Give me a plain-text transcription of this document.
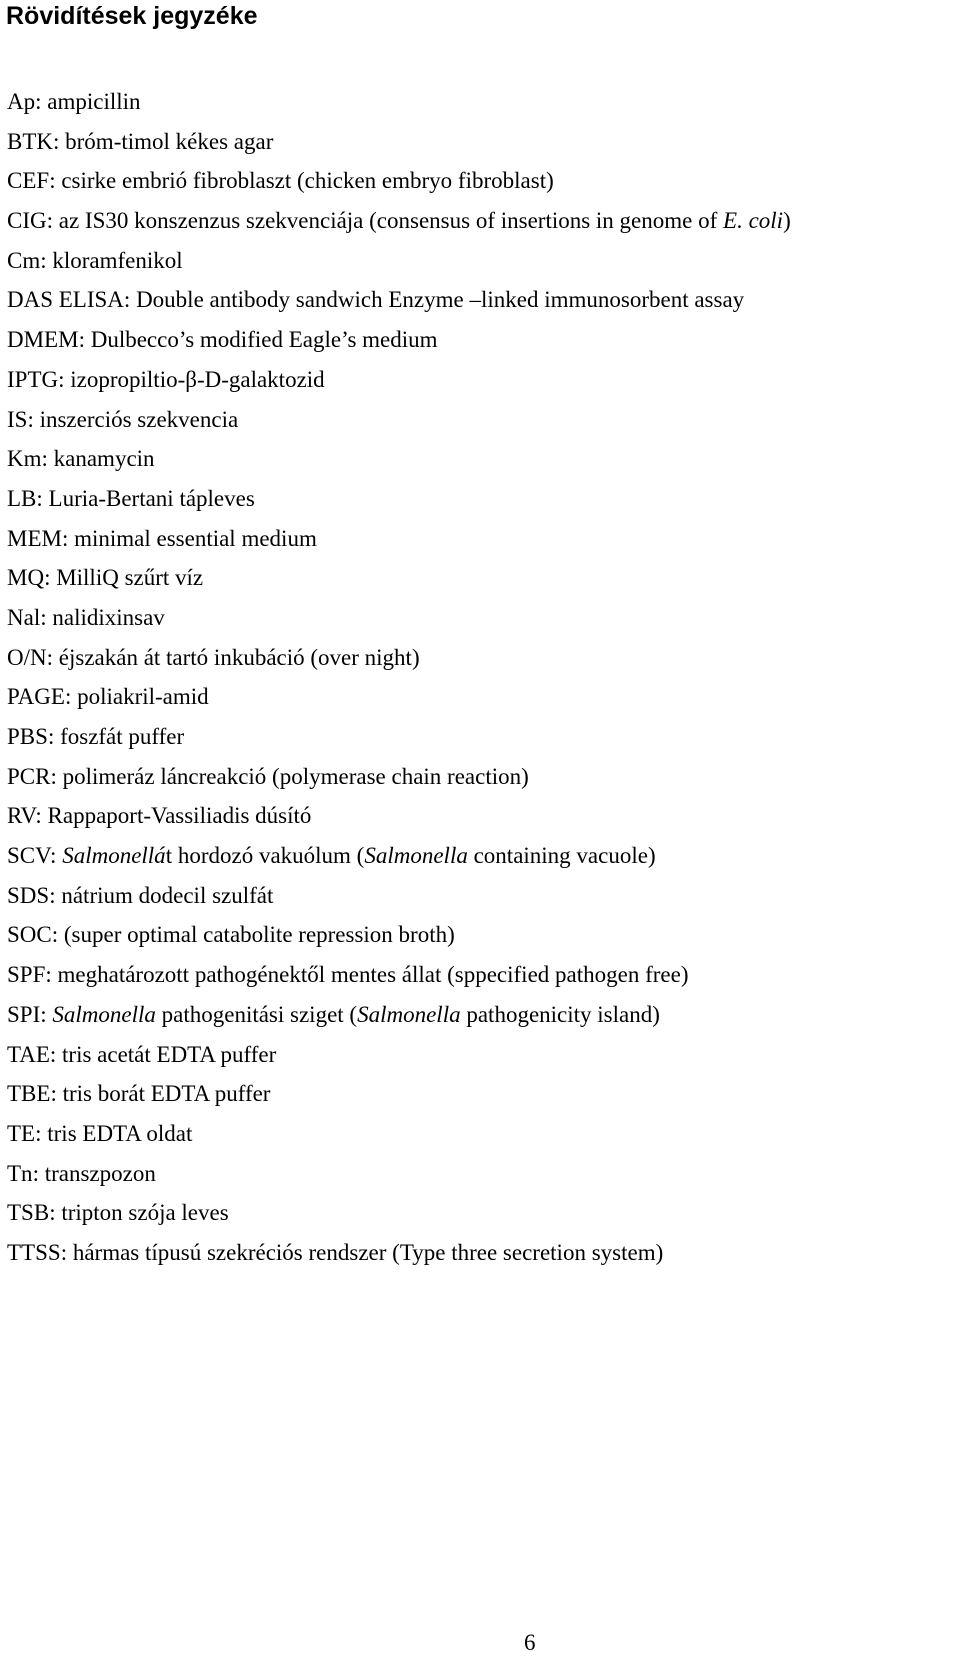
Rövidítések jegyzéke
Ap: ampicillin
BTK: bróm-timol kékes agar
CEF: csirke embrió fibroblaszt (chicken embryo fibroblast)
CIG: az IS30 konszenzus szekvenciája (consensus of insertions in genome of E. coli)
Cm: kloramfenikol
DAS ELISA: Double antibody sandwich Enzyme –linked immunosorbent assay
DMEM: Dulbecco’s modified Eagle’s medium
IPTG: izopropiltio-β-D-galaktozid
IS: inszerciós szekvencia
Km: kanamycin
LB: Luria-Bertani tápleves
MEM: minimal essential medium
MQ: MilliQ szűrt víz
Nal: nalidixinsav
O/N: éjszakán át tartó inkubáció (over night)
PAGE: poliakril-amid
PBS: foszfát puffer
PCR: polimeráz láncreakció (polymerase chain reaction)
RV: Rappaport-Vassiliadis dúsító
SCV: Salmonellát hordozó vakuólum (Salmonella containing vacuole)
SDS: nátrium dodecil szulfát
SOC: (super optimal catabolite repression broth)
SPF: meghatározott pathogénektől mentes állat (sppecified pathogen free)
SPI: Salmonella pathogenitási sziget (Salmonella pathogenicity island)
TAE: tris acetát EDTA puffer
TBE: tris borát EDTA puffer
TE: tris EDTA oldat
Tn: transzpozon
TSB: tripton szója leves
TTSS: hármas típusú szekréciós rendszer (Type three secretion system)
6
